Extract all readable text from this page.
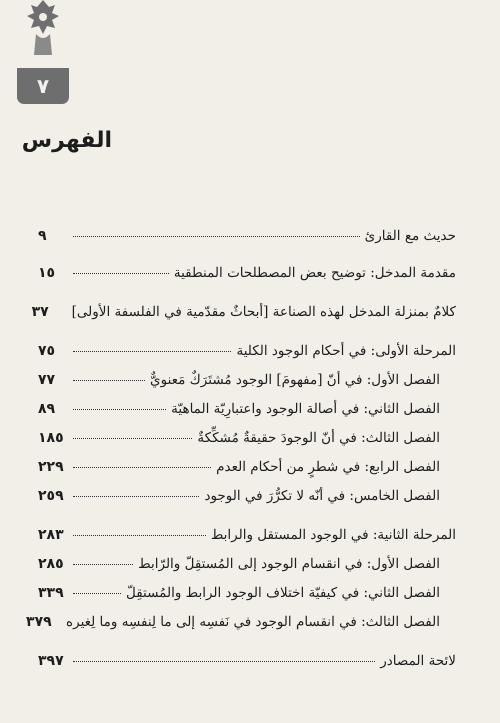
٧
الفهرس
حديث مع القارئ
٩
مقدمة المدخل: توضيح بعض المصطلحات المنطقية
١٥
كلامٌ بمنزلة المدخل لهذه الصناعة [أبحاثٌ مقدّمية في الفلسفة الأولى]
٣٧
المرحلة الأولى: في أحكام الوجود الكلية
٧٥
الفصل الأول: في أنّ [مفهومَ] الوجود مُشتَرَكٌ مَعنويٌّ
٧٧
الفصل الثاني: في أصالة الوجود واعتبارِيّة الماهيّة
٨٩
الفصل الثالث: في أنّ الوجودَ حقيقةٌ مُشكِّكةٌ
١٨٥
الفصل الرابع: في شطرٍ من أحكام العدم
٢٢٩
الفصل الخامس: في أنّه لا تكرُّرَ في الوجود
٢٥٩
المرحلة الثانية: في الوجود المستقل والرابط
٢٨٣
الفصل الأول: في انقسام الوجود إلى المُستقِلّ والرّابط
٢٨٥
الفصل الثاني: في كيفيّة اختلاف الوجود الرابط والمُستقِلّ
٣٣٩
الفصل الثالث: في انقسام الوجود في نَفسِه إلى ما لِنفسِه وما لِغيره
٣٧٩
لائحة المصادر
٣٩٧
